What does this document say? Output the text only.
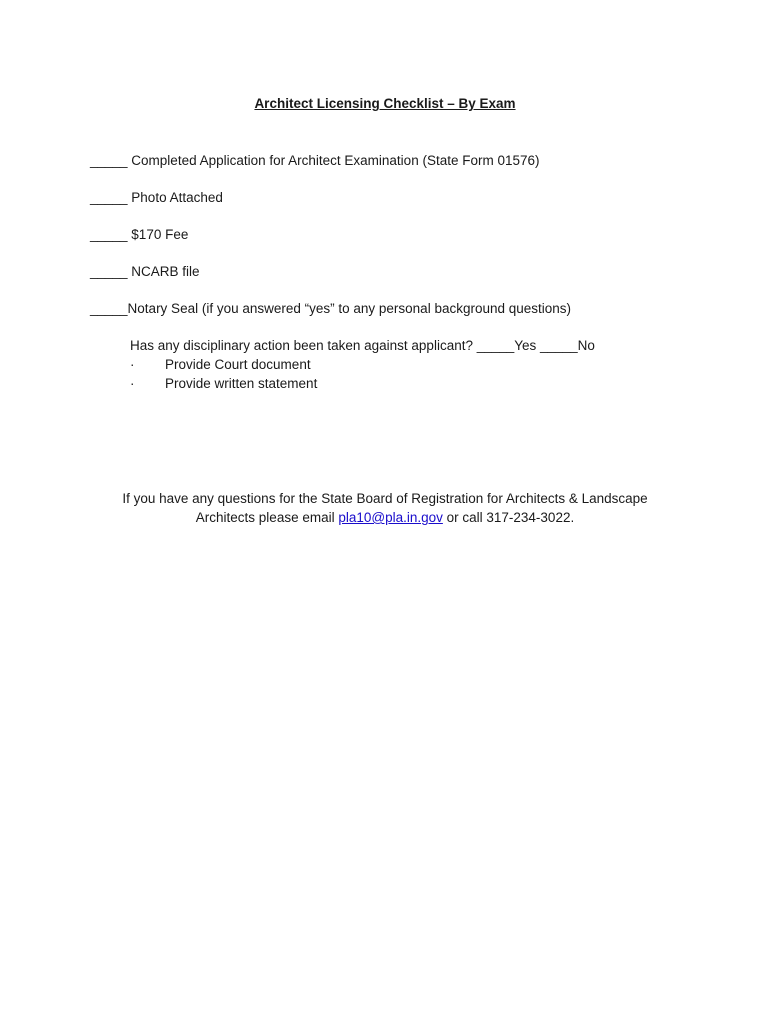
Architect Licensing Checklist – By Exam
_____ Completed Application for Architect Examination (State Form 01576)
_____ Photo Attached
_____ $170 Fee
_____ NCARB file
_____Notary Seal (if you answered “yes” to any personal background questions)
Has any disciplinary action been taken against applicant? _____Yes _____No
· Provide Court document
· Provide written statement
If you have any questions for the State Board of Registration for Architects & Landscape
Architects please email pla10@pla.in.gov or call 317-234-3022.
